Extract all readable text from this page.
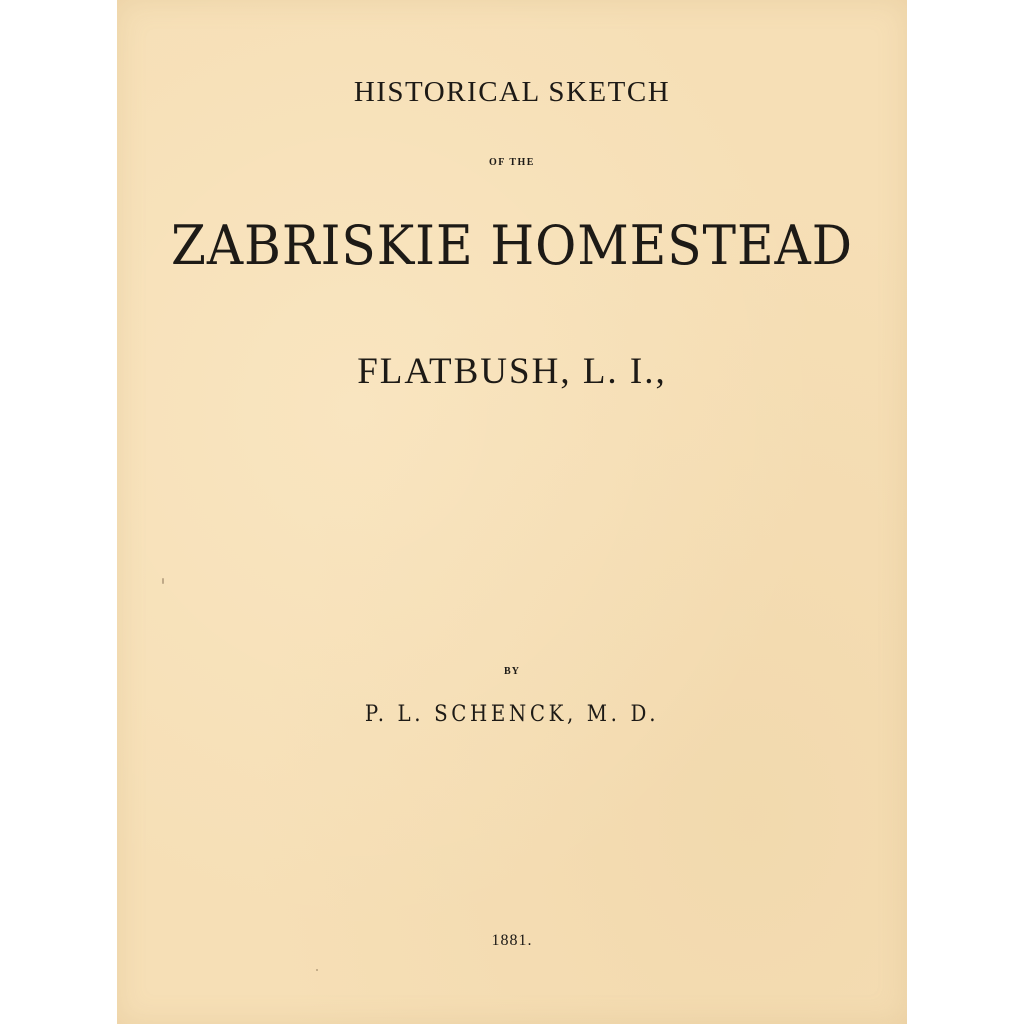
HISTORICAL SKETCH
OF THE
ZABRISKIE HOMESTEAD
FLATBUSH, L. I.,
BY
P. L. SCHENCK, M. D.
1881.
